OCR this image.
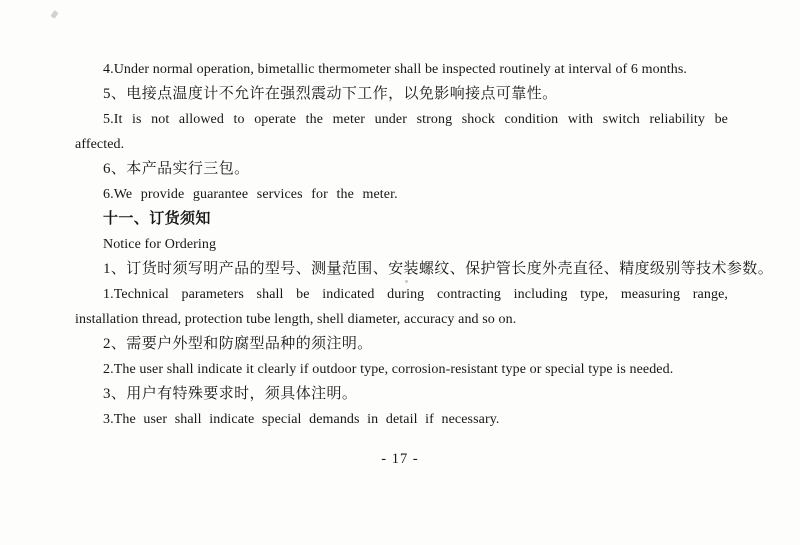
4.Under normal operation, bimetallic thermometer shall be inspected routinely at interval of 6 months.
5、电接点温度计不允许在强烈震动下工作，以免影响接点可靠性。
5.It is not allowed to operate the meter under strong shock condition with switch reliability be
affected.
6、本产品实行三包。
6.We provide guarantee services for the meter.
十一、订货须知
Notice for Ordering
1、订货时须写明产品的型号、测量范围、安装螺纹、保护管长度外壳直径、精度级别等技术参数。
1.Technical parameters shall be indicated during contracting including type, measuring range,
installation thread, protection tube length, shell diameter, accuracy and so on.
2、需要户外型和防腐型品种的须注明。
2.The user shall indicate it clearly if outdoor type, corrosion-resistant type or special type is needed.
3、用户有特殊要求时，须具体注明。
3.The user shall indicate special demands in detail if necessary.
- 17 -
